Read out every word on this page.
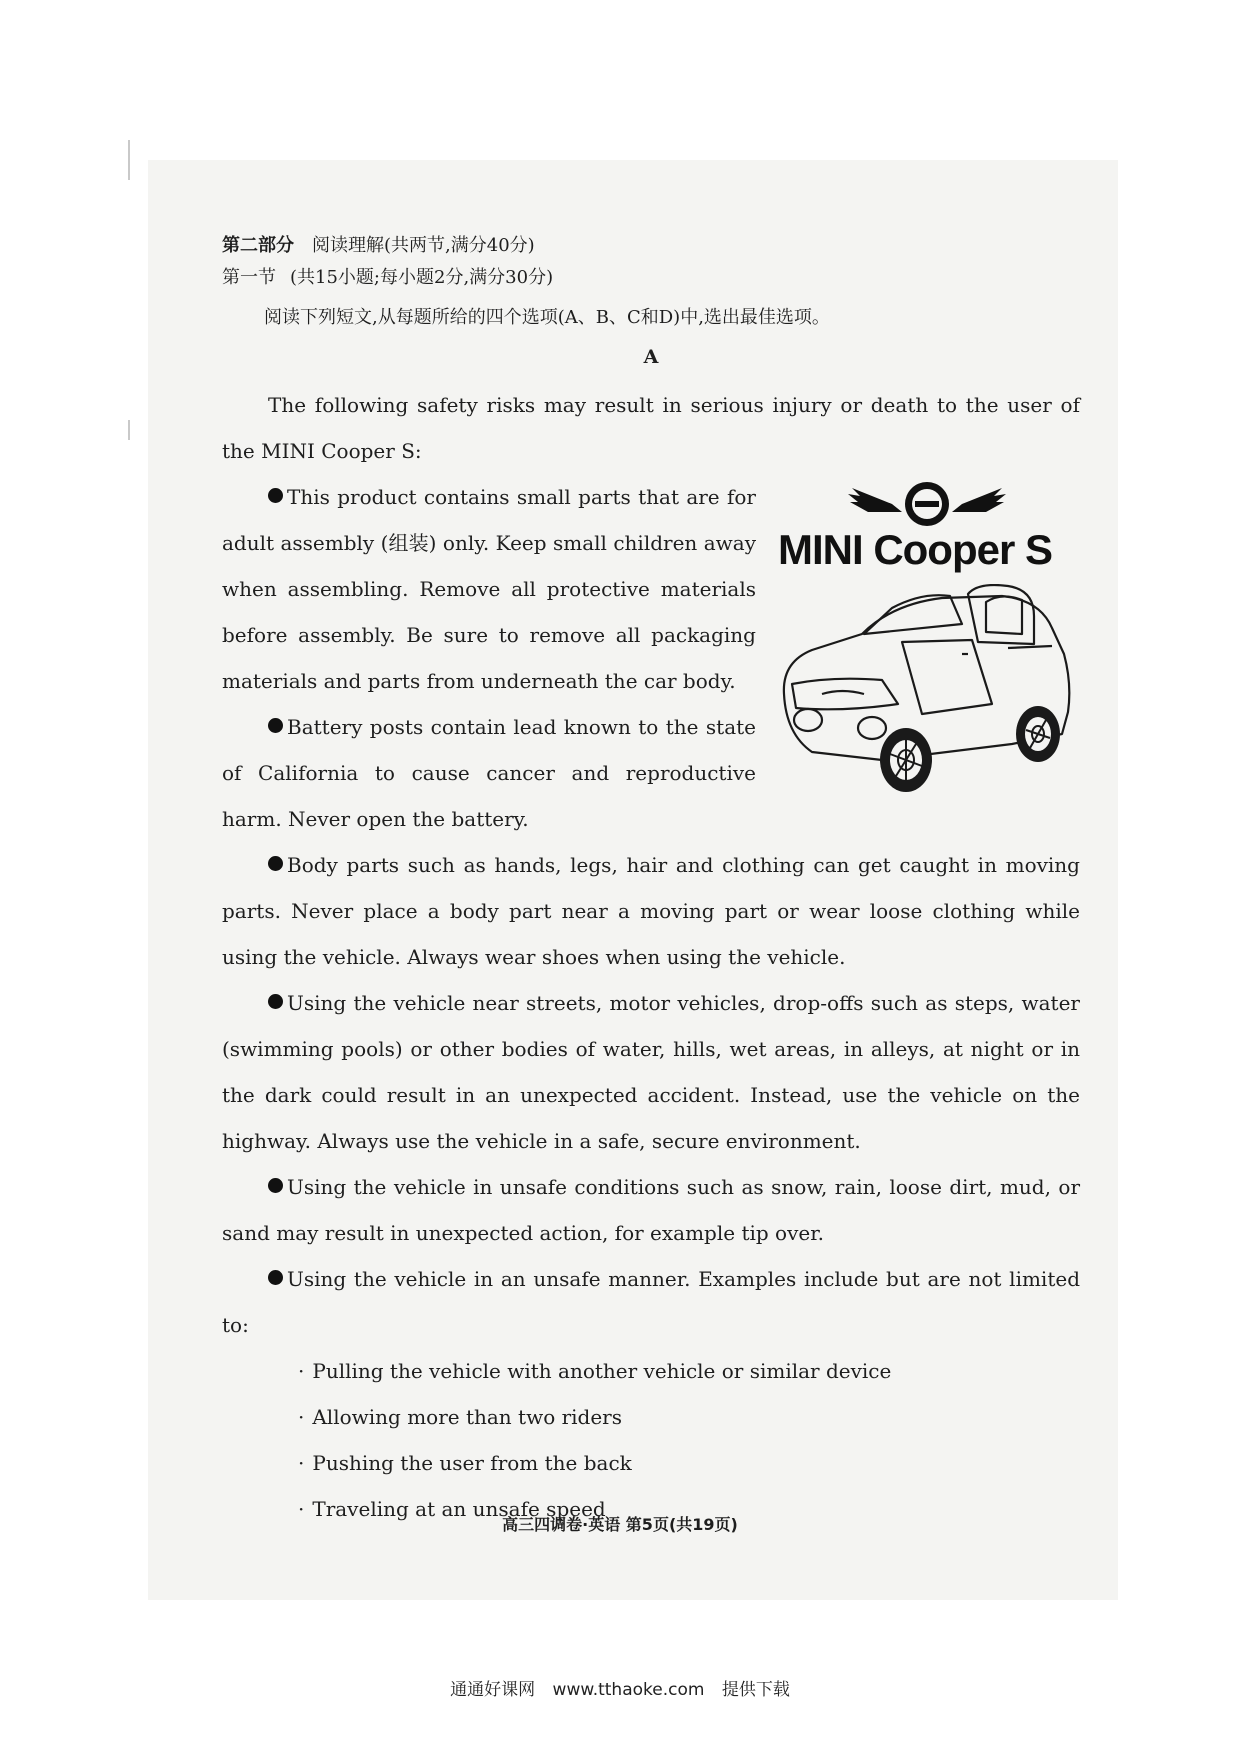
第二部分 阅读理解(共两节,满分40分)

第一节 (共15小题;每小题2分,满分30分)

阅读下列短文,从每题所给的四个选项(A、B、C和D)中,选出最佳选项。

A

The following safety risks may result in serious injury or death to the user of the MINI Cooper S:

This product contains small parts that are for adult assembly (组装) only. Keep small children away when assembling. Remove all protective materials before assembly. Be sure to remove all packaging materials and parts from underneath the car body.

Battery posts contain lead known to the state of California to cause cancer and reproductive harm. Never open the battery.

MINI Cooper S

Body parts such as hands, legs, hair and clothing can get caught in moving parts. Never place a body part near a moving part or wear loose clothing while using the vehicle. Always wear shoes when using the vehicle.

Using the vehicle near streets, motor vehicles, drop-offs such as steps, water (swimming pools) or other bodies of water, hills, wet areas, in alleys, at night or in the dark could result in an unexpected accident. Instead, use the vehicle on the highway. Always use the vehicle in a safe, secure environment.

Using the vehicle in unsafe conditions such as snow, rain, loose dirt, mud, or sand may result in unexpected action, for example tip over.

Using the vehicle in an unsafe manner. Examples include but are not limited to:

· Pulling the vehicle with another vehicle or similar device

· Allowing more than two riders

· Pushing the user from the back

· Traveling at an unsafe speed

高三四调卷·英语 第5页(共19页)
通通好课网 www.tthaoke.com 提供下载
